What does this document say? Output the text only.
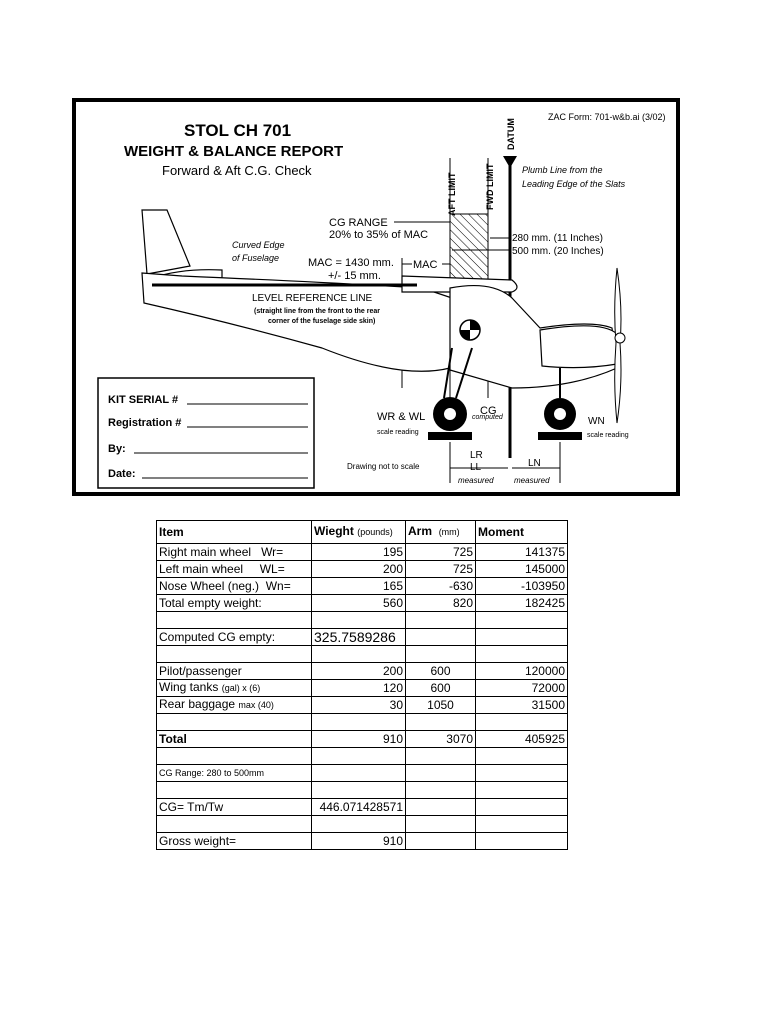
STOL CH 701
WEIGHT & BALANCE REPORT
Forward & Aft C.G. Check
ZAC Form: 701-w&b.ai (3/02)
AFT LIMIT	FWD LIMIT
DATUM
Plumb Line from the
Leading Edge of the Slats
CG RANGE
20% to 35% of MAC	280 mm. (11 Inches)
500 mm. (20 Inches)
Curved Edge
of Fuselage	MAC = 1430 mm.
+/- 15 mm.
MAC
LEVEL REFERENCE LINE
(straight line from the front to the rear
corner of the fuselage side skin)
WR & WL
scale reading
CG
computed	WN
scale reading
LR
LL	LN
Drawing not to scale
measured	measured
KIT SERIAL #
Registration #
By:
Date:
Item	Wieght (pounds)	Arm (mm)	Moment
Right main wheel Wr=	195	725	141375
Left main wheel WL=	200	725	145000
Nose Wheel (neg.) Wn=	165	-630	-103950
Total empty weight:	560	820	182425

Computed CG empty:	325.7589286		

Pilot/passenger	200	600	120000
Wing tanks (gal) x (6)	120	600	72000
Rear baggage max (40)	30	1050	31500

Total	910	3070	405925

CG Range: 280 to 500mm			

CG= Tm/Tw	446.071428571		

Gross weight=	910		
